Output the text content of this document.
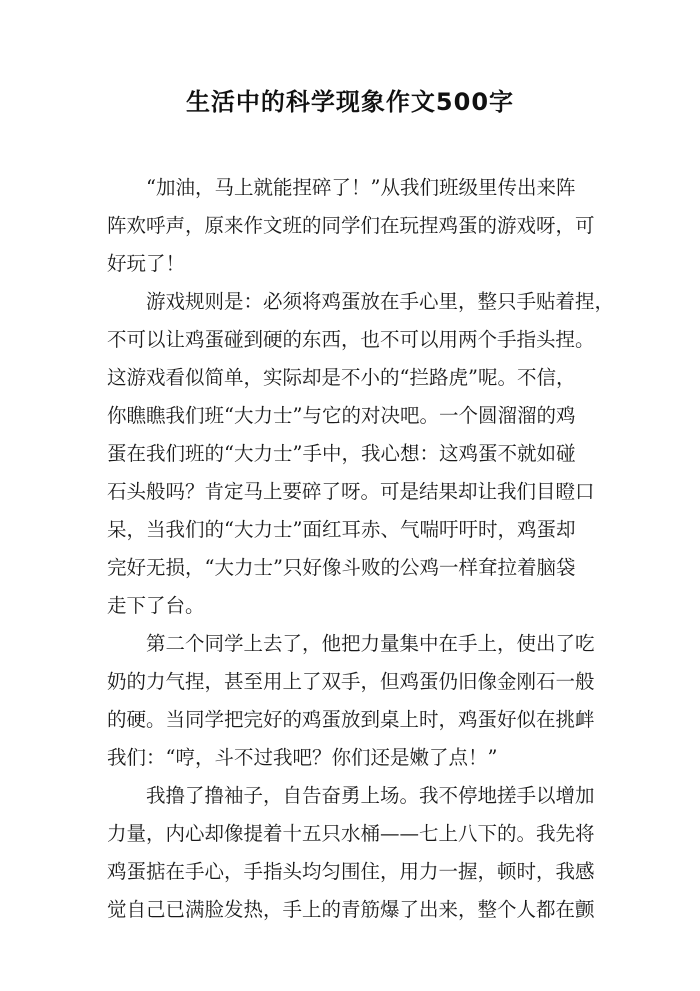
生活中的科学现象作文500字
“加油，马上就能捏碎了！”从我们班级里传出来阵
阵欢呼声，原来作文班的同学们在玩捏鸡蛋的游戏呀，可
好玩了！
游戏规则是：必须将鸡蛋放在手心里，整只手贴着捏，
不可以让鸡蛋碰到硬的东西，也不可以用两个手指头捏。
这游戏看似简单，实际却是不小的“拦路虎”呢。不信，
你瞧瞧我们班“大力士”与它的对决吧。一个圆溜溜的鸡
蛋在我们班的“大力士”手中，我心想：这鸡蛋不就如碰
石头般吗？肯定马上要碎了呀。可是结果却让我们目瞪口
呆，当我们的“大力士”面红耳赤、气喘吁吁时，鸡蛋却
完好无损，“大力士”只好像斗败的公鸡一样耷拉着脑袋
走下了台。
第二个同学上去了，他把力量集中在手上，使出了吃
奶的力气捏，甚至用上了双手，但鸡蛋仍旧像金刚石一般
的硬。当同学把完好的鸡蛋放到桌上时，鸡蛋好似在挑衅
我们：“哼，斗不过我吧？你们还是嫩了点！”
我撸了撸袖子，自告奋勇上场。我不停地搓手以增加
力量，内心却像提着十五只水桶——七上八下的。我先将
鸡蛋掂在手心，手指头均匀围住，用力一握，顿时，我感
觉自己已满脸发热，手上的青筋爆了出来，整个人都在颤
